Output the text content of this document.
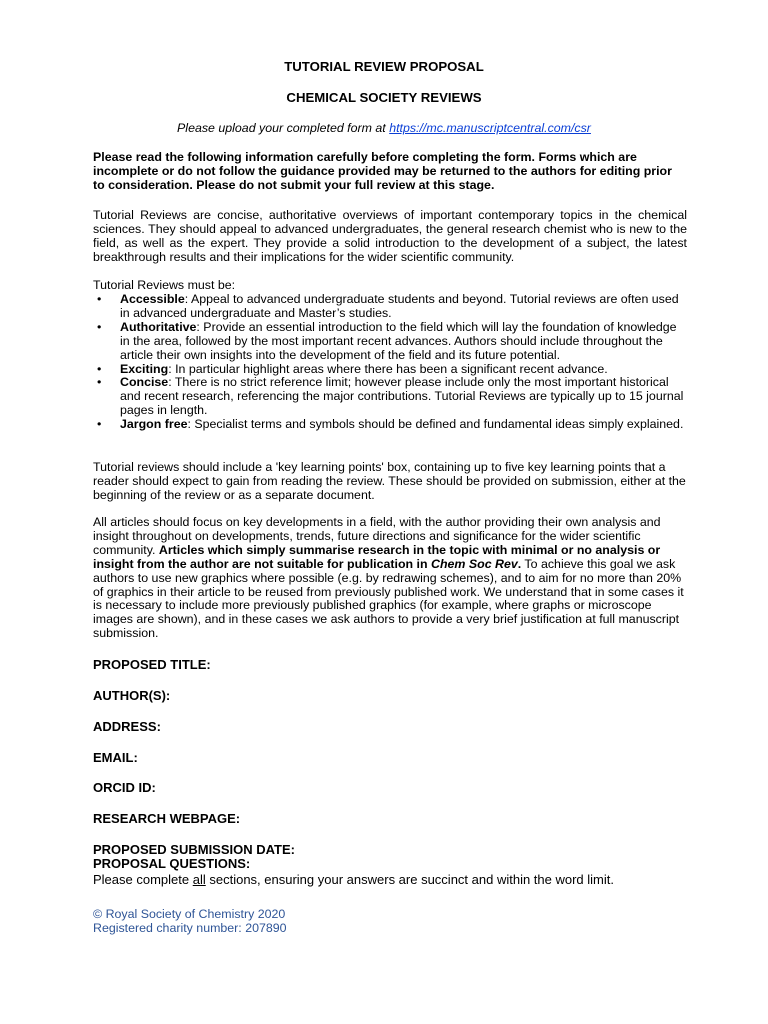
TUTORIAL REVIEW PROPOSAL
CHEMICAL SOCIETY REVIEWS
Please upload your completed form at https://mc.manuscriptcentral.com/csr
Please read the following information carefully before completing the form. Forms which are incomplete or do not follow the guidance provided may be returned to the authors for editing prior to consideration. Please do not submit your full review at this stage.
Tutorial Reviews are concise, authoritative overviews of important contemporary topics in the chemical sciences. They should appeal to advanced undergraduates, the general research chemist who is new to the field, as well as the expert. They provide a solid introduction to the development of a subject, the latest breakthrough results and their implications for the wider scientific community.
Tutorial Reviews must be:
• Accessible: Appeal to advanced undergraduate students and beyond. Tutorial reviews are often used in advanced undergraduate and Master’s studies.
• Authoritative: Provide an essential introduction to the field which will lay the foundation of knowledge in the area, followed by the most important recent advances. Authors should include throughout the article their own insights into the development of the field and its future potential.
• Exciting: In particular highlight areas where there has been a significant recent advance.
• Concise: There is no strict reference limit; however please include only the most important historical and recent research, referencing the major contributions. Tutorial Reviews are typically up to 15 journal pages in length.
• Jargon free: Specialist terms and symbols should be defined and fundamental ideas simply explained.
Tutorial reviews should include a 'key learning points' box, containing up to five key learning points that a reader should expect to gain from reading the review. These should be provided on submission, either at the beginning of the review or as a separate document.
All articles should focus on key developments in a field, with the author providing their own analysis and insight throughout on developments, trends, future directions and significance for the wider scientific community. Articles which simply summarise research in the topic with minimal or no analysis or insight from the author are not suitable for publication in Chem Soc Rev. To achieve this goal we ask authors to use new graphics where possible (e.g. by redrawing schemes), and to aim for no more than 20% of graphics in their article to be reused from previously published work. We understand that in some cases it is necessary to include more previously published graphics (for example, where graphs or microscope images are shown), and in these cases we ask authors to provide a very brief justification at full manuscript submission.
PROPOSED TITLE:
AUTHOR(S):
ADDRESS:
EMAIL:
ORCID ID:
RESEARCH WEBPAGE:
PROPOSED SUBMISSION DATE:
PROPOSAL QUESTIONS:
Please complete all sections, ensuring your answers are succinct and within the word limit.
© Royal Society of Chemistry 2020
Registered charity number: 207890
